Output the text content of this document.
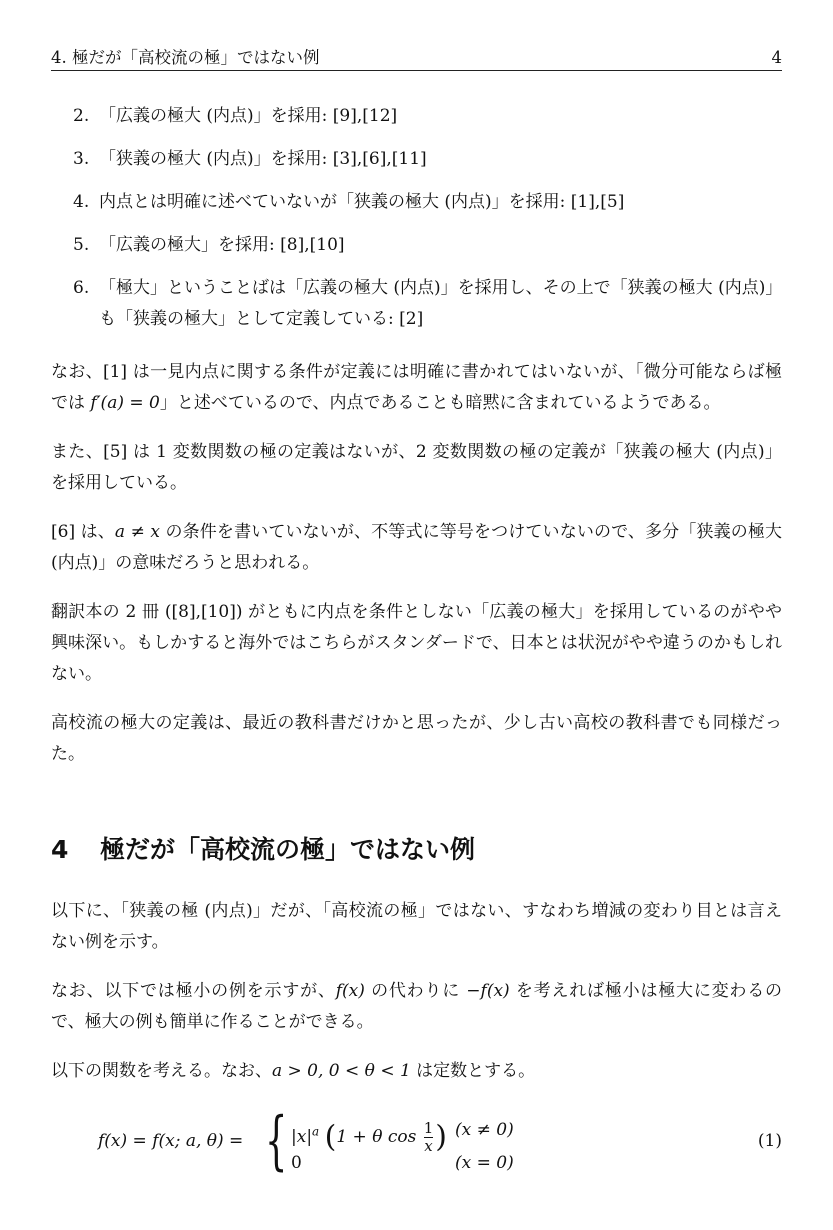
4. 極だが「高校流の極」ではない例	4
2. 「広義の極大 (内点)」を採用: [9],[12]
3. 「狭義の極大 (内点)」を採用: [3],[6],[11]
4. 内点とは明確に述べていないが「狭義の極大 (内点)」を採用: [1],[5]
5. 「広義の極大」を採用: [8],[10]
6. 「極大」ということばは「広義の極大 (内点)」を採用し、その上で「狭義の極大 (内点)」も「狭義の極大」として定義している: [2]

なお、[1] は一見内点に関する条件が定義には明確に書かれてはいないが、「微分可能ならば極では f′(a) = 0」と述べているので、内点であることも暗黙に含まれているようである。

また、[5] は 1 変数関数の極の定義はないが、2 変数関数の極の定義が「狭義の極大 (内点)」を採用している。

[6] は、a ≠ x の条件を書いていないが、不等式に等号をつけていないので、多分「狭義の極大 (内点)」の意味だろうと思われる。

翻訳本の 2 冊 ([8],[10]) がともに内点を条件としない「広義の極大」を採用しているのがやや興味深い。もしかすると海外ではこちらがスタンダードで、日本とは状況がやや違うのかもしれない。

高校流の極大の定義は、最近の教科書だけかと思ったが、少し古い高校の教科書でも同様だった。

4	極だが「高校流の極」ではない例

以下に、「狭義の極 (内点)」だが、「高校流の極」ではない、すなわち増減の変わり目とは言えない例を示す。

なお、以下では極小の例を示すが、f(x) の代わりに −f(x) を考えれば極小は極大に変わるので、極大の例も簡単に作ることができる。

以下の関数を考える。なお、a > 0, 0 < θ < 1 は定数とする。

f(x) = f(x; a, θ) = { $|x|^a$ (1 + θ $\cos \frac{1}{x}$ )
0
(x ≠ 0)
(x = 0)
(1)
